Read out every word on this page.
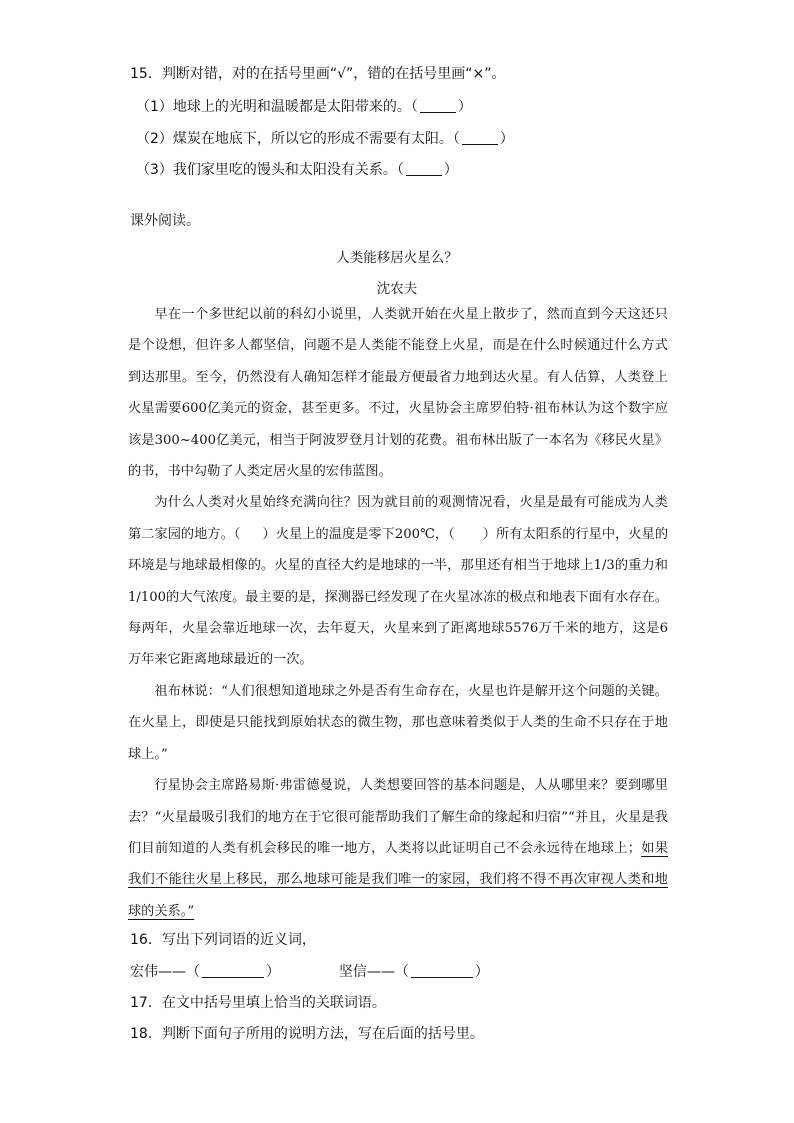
15．判断对错，对的在括号里画“√”，错的在括号里画“×”。
（1）地球上的光明和温暖都是太阳带来的。（	）
（2）煤炭在地底下，所以它的形成不需要有太阳。（	）
（3）我们家里吃的馒头和太阳没有关系。（	）
课外阅读。
人类能移居火星么？
沈农夫

早在一个多世纪以前的科幻小说里，人类就开始在火星上散步了，然而直到今天这还只是个设想，但许多人都坚信，问题不是人类能不能登上火星，而是在什么时候通过什么方式到达那里。至今，仍然没有人确知怎样才能最方便最省力地到达火星。有人估算，人类登上火星需要600亿美元的资金，甚至更多。不过，火星协会主席罗伯特·祖布林认为这个数字应该是300~400亿美元，相当于阿波罗登月计划的花费。祖布林出版了一本名为《移民火星》的书，书中勾勒了人类定居火星的宏伟蓝图。

为什么人类对火星始终充满向往？因为就目前的观测情况看，火星是最有可能成为人类第二家园的地方。（ ）火星上的温度是零下200℃，（ ）所有太阳系的行星中，火星的环境是与地球最相像的。火星的直径大约是地球的一半，那里还有相当于地球上1/3的重力和1/100的大气浓度。最主要的是，探测器已经发现了在火星冰冻的极点和地表下面有水存在。每两年，火星会靠近地球一次，去年夏天，火星来到了距离地球5576万千米的地方，这是6万年来它距离地球最近的一次。

祖布林说：“人们很想知道地球之外是否有生命存在，火星也许是解开这个问题的关键。在火星上，即使是只能找到原始状态的微生物，那也意味着类似于人类的生命不只存在于地球上。”

行星协会主席路易斯·弗雷德曼说，人类想要回答的基本问题是，人从哪里来？要到哪里去？“火星最吸引我们的地方在于它很可能帮助我们了解生命的缘起和归宿”“并且，火星是我们目前知道的人类有机会移民的唯一地方，人类将以此证明自己不会永远待在地球上；如果我们不能往火星上移民，那么地球可能是我们唯一的家园，我们将不得不再次审视人类和地球的关系。”

16．写出下列词语的近义词，
宏伟——（	）	坚信——（	）
17．在文中括号里填上恰当的关联词语。
18．判断下面句子所用的说明方法，写在后面的括号里。
